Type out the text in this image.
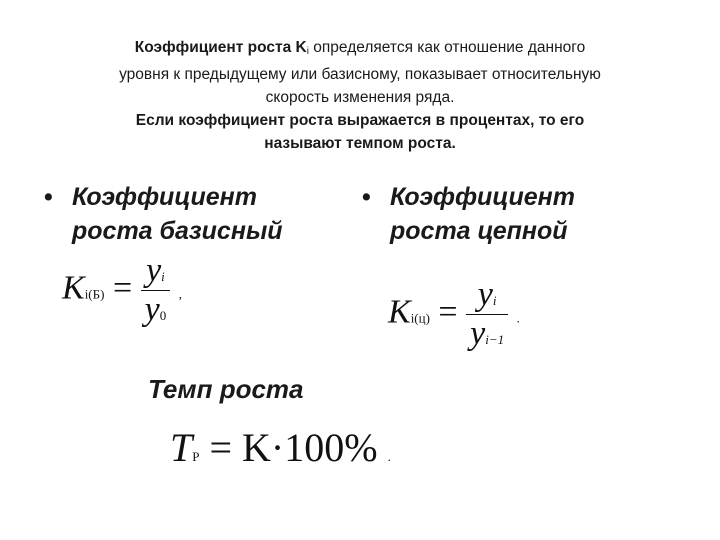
Коэффициент роста $K_i$ определяется как отношение данного
уровня к предыдущему или базисному, показывает относительную
скорость изменения ряда.
Если коэффициент роста выражается в процентах, то его
называют темпом роста.
• Коэффициент
роста базисный
• Коэффициент
роста цепной
$Ki(Б) = \frac{yi}{y0}$ ,	$Ki(ц) = \frac{yi}{yi-1}$ .
Темп роста
TР = K·100% .
